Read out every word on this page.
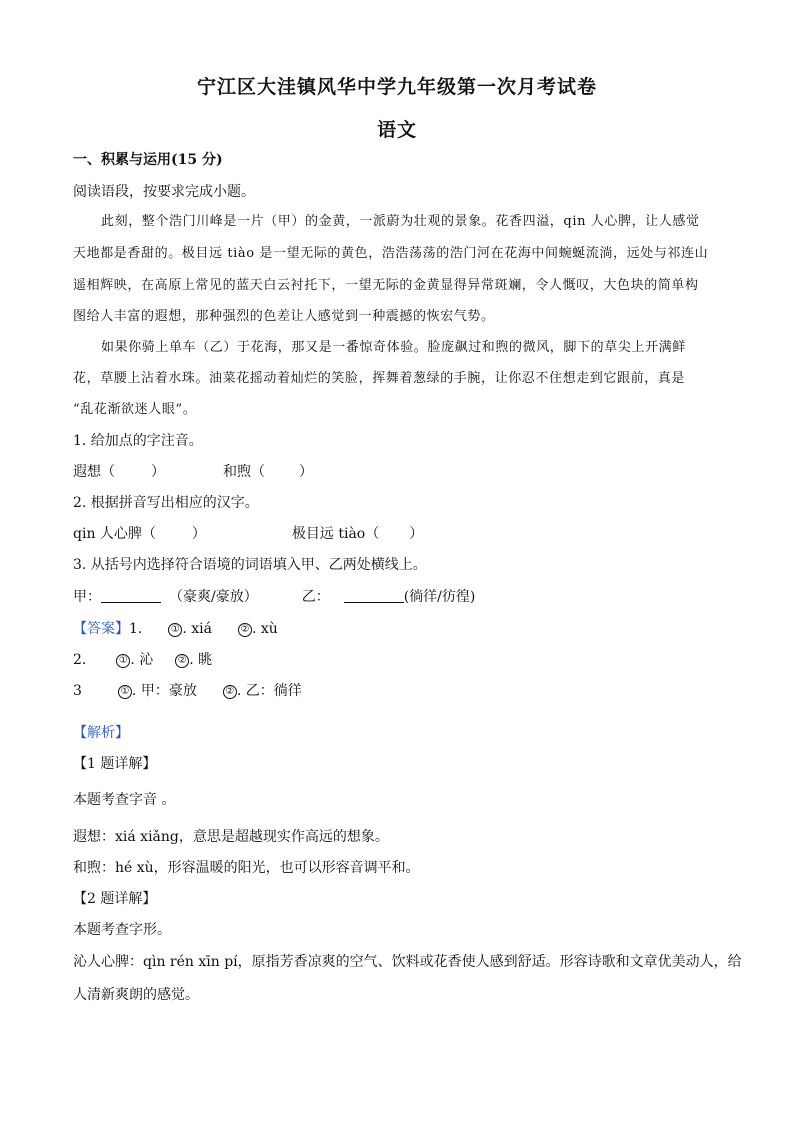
宁江区大洼镇风华中学九年级第一次月考试卷
语文
一、积累与运用(15 分)
阅读语段，按要求完成小题。
此刻，整个浩门川峰是一片（甲）的金黄，一派蔚为壮观的景象。花香四溢，qin 人心脾，让人感觉
天地都是香甜的。极目远 tiào 是一望无际的黄色，浩浩荡荡的浩门河在花海中间蜿蜒流淌，远处与祁连山
遥相辉映，在高原上常见的蓝天白云衬托下，一望无际的金黄显得异常斑斓，令人慨叹，大色块的简单构
图给人丰富的遐想，那种强烈的色差让人感觉到一种震撼的恢宏气势。
如果你骑上单车（乙）于花海，那又是一番惊奇体验。脸庞飙过和煦的微风，脚下的草尖上开满鲜
花，草腰上沾着水珠。油菜花摇动着灿烂的笑脸，挥舞着葱绿的手腕，让你忍不住想走到它跟前，真是
“乱花渐欲迷人眼”。
1. 给加点的字注音。
遐想（	）	和煦（ ）
2. 根据拼音写出相应的汉字。
qin 人心脾（	）	极目远 tiào（ ）
3. 从括号内选择符合语境的词语填入甲、乙两处横线上。
甲：	（豪爽/豪放）	乙：	(徜徉/彷徨)
【答案】1.	① . xiá	② . xù
2.	① . 沁 ② . 眺
3	① . 甲：豪放	② . 乙：徜徉
【解析】
【1 题详解】
本题考查字音 。
遐想：xiá xiǎng，意思是超越现实作高远的想象。
和煦：hé xù，形容温暖的阳光，也可以形容音调平和。
【2 题详解】
本题考查字形。
沁人心脾：qìn rén xīn pí，原指芳香凉爽的空气、饮料或花香使人感到舒适。形容诗歌和文章优美动人，给
人清新爽朗的感觉。
